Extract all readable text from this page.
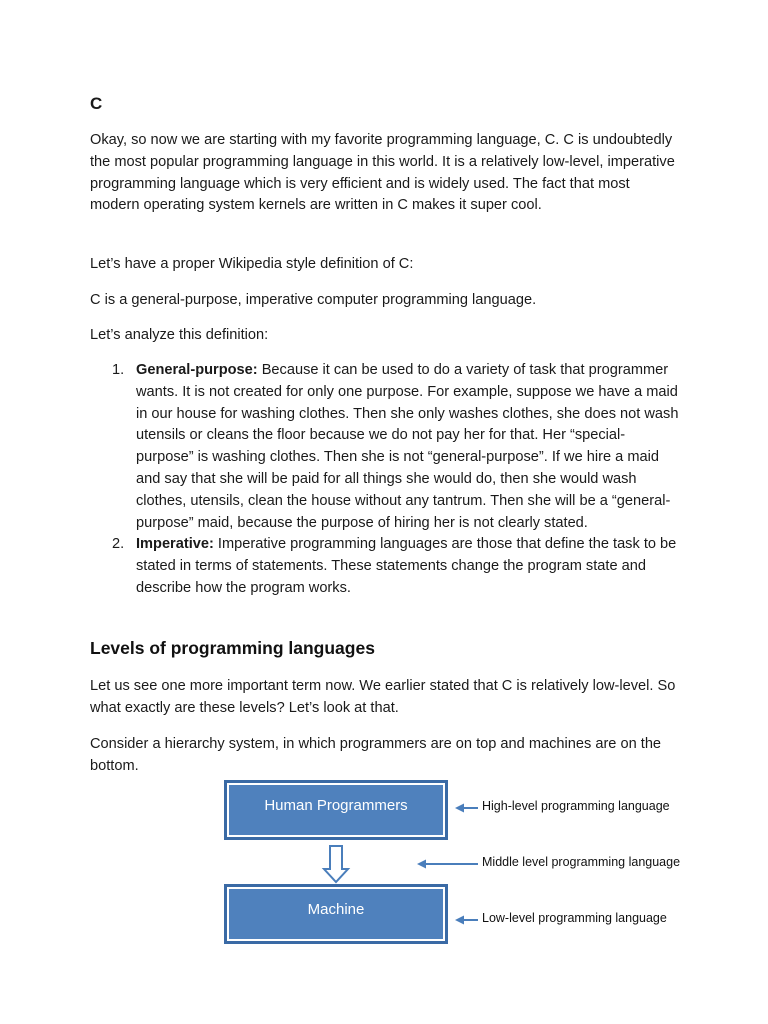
C

Okay, so now we are starting with my favorite programming language, C. C is undoubtedly the most popular programming language in this world. It is a relatively low-level, imperative programming language which is very efficient and is widely used. The fact that most modern operating system kernels are written in C makes it super cool.

Let’s have a proper Wikipedia style definition of C:

C is a general-purpose, imperative computer programming language.

Let’s analyze this definition:

1. General-purpose: Because it can be used to do a variety of task that programmer wants. It is not created for only one purpose. For example, suppose we have a maid in our house for washing clothes. Then she only washes clothes, she does not wash utensils or cleans the floor because we do not pay her for that. Her “special-purpose” is washing clothes. Then she is not “general-purpose”. If we hire a maid and say that she will be paid for all things she would do, then she would wash clothes, utensils, clean the house without any tantrum. Then she will be a “general-purpose” maid, because the purpose of hiring her is not clearly stated.
2. Imperative: Imperative programming languages are those that define the task to be stated in terms of statements. These statements change the program state and describe how the program works.
Levels of programming languages

Let us see one more important term now. We earlier stated that C is relatively low-level. So what exactly are these levels? Let’s look at that.

Consider a hierarchy system, in which programmers are on top and machines are on the bottom.

Human Programmers
Machine
High-level programming language
Middle level programming language
Low-level programming language
